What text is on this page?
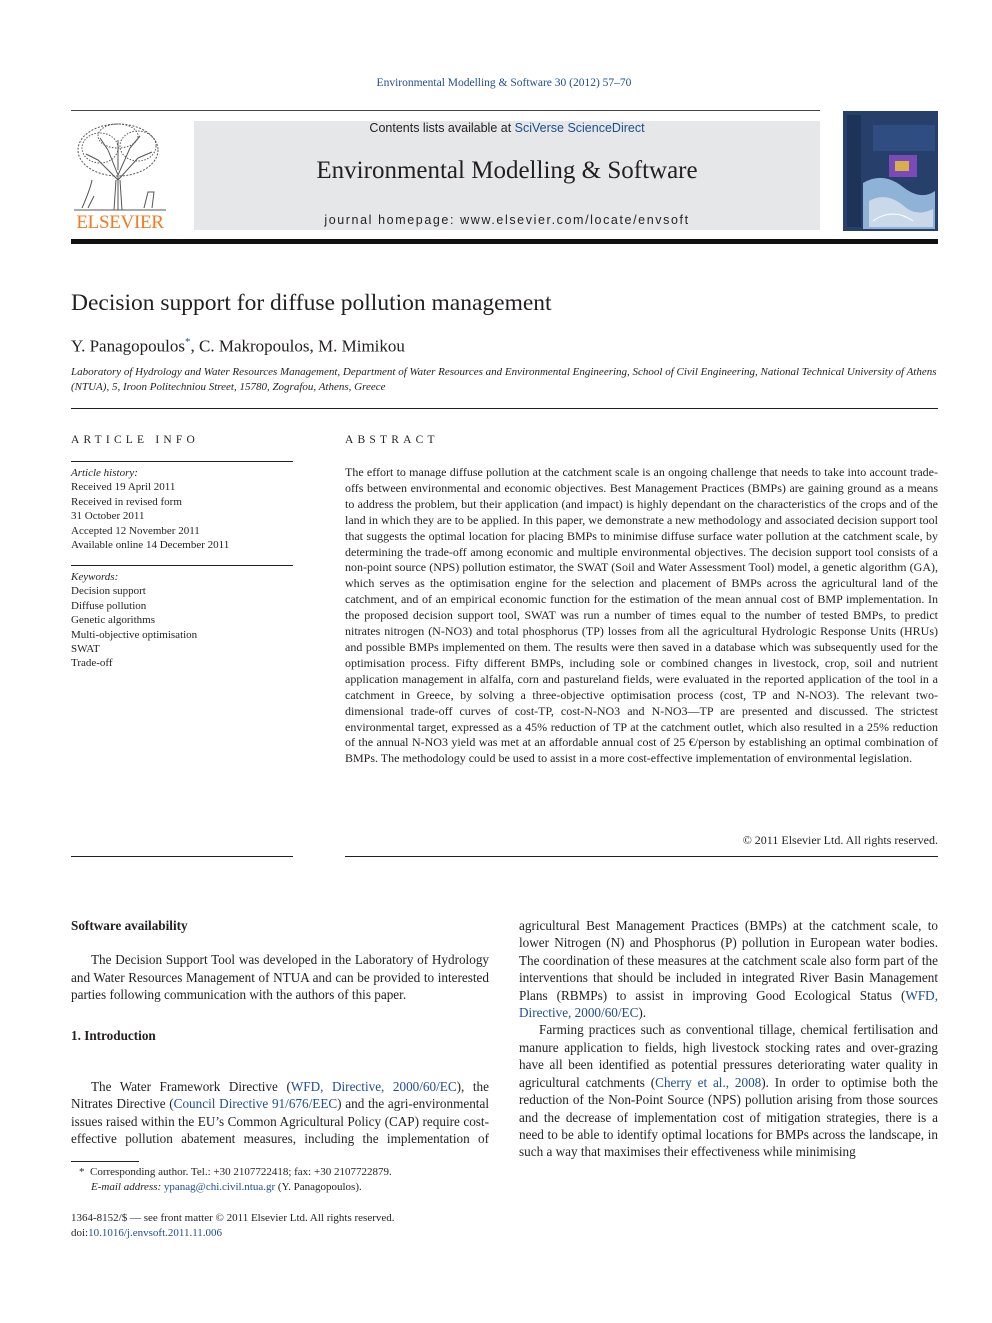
Environmental Modelling & Software 30 (2012) 57–70
ELSEVIER
Contents lists available at SciVerse ScienceDirect
Environmental Modelling & Software
journal homepage: www.elsevier.com/locate/envsoft
Decision support for diffuse pollution management
Y. Panagopoulos*, C. Makropoulos, M. Mimikou
Laboratory of Hydrology and Water Resources Management, Department of Water Resources and Environmental Engineering, School of Civil Engineering, National Technical University of Athens (NTUA), 5, Iroon Politechniou Street, 15780, Zografou, Athens, Greece
ARTICLE INFO
Article history:
Received 19 April 2011
Received in revised form
31 October 2011
Accepted 12 November 2011
Available online 14 December 2011
Keywords:
Decision support
Diffuse pollution
Genetic algorithms
Multi-objective optimisation
SWAT
Trade-off
ABSTRACT
The effort to manage diffuse pollution at the catchment scale is an ongoing challenge that needs to take into account trade-offs between environmental and economic objectives. Best Management Practices (BMPs) are gaining ground as a means to address the problem, but their application (and impact) is highly dependant on the characteristics of the crops and of the land in which they are to be applied. In this paper, we demonstrate a new methodology and associated decision support tool that suggests the optimal location for placing BMPs to minimise diffuse surface water pollution at the catchment scale, by determining the trade-off among economic and multiple environmental objectives. The decision support tool consists of a non-point source (NPS) pollution estimator, the SWAT (Soil and Water Assessment Tool) model, a genetic algorithm (GA), which serves as the optimisation engine for the selection and placement of BMPs across the agricultural land of the catchment, and of an empirical economic function for the estimation of the mean annual cost of BMP implementation. In the proposed decision support tool, SWAT was run a number of times equal to the number of tested BMPs, to predict nitrates nitrogen (N-NO3) and total phosphorus (TP) losses from all the agricultural Hydrologic Response Units (HRUs) and possible BMPs implemented on them. The results were then saved in a database which was subsequently used for the optimisation process. Fifty different BMPs, including sole or combined changes in livestock, crop, soil and nutrient application management in alfalfa, corn and pastureland fields, were evaluated in the reported application of the tool in a catchment in Greece, by solving a three-objective optimisation process (cost, TP and N-NO3). The relevant two-dimensional trade-off curves of cost-TP, cost-N-NO3 and N-NO3—TP are presented and discussed. The strictest environmental target, expressed as a 45% reduction of TP at the catchment outlet, which also resulted in a 25% reduction of the annual N-NO3 yield was met at an affordable annual cost of 25 €/person by establishing an optimal combination of BMPs. The methodology could be used to assist in a more cost-effective implementation of environmental legislation.
© 2011 Elsevier Ltd. All rights reserved.
Software availability

The Decision Support Tool was developed in the Laboratory of Hydrology and Water Resources Management of NTUA and can be provided to interested parties following communication with the authors of this paper.

1. Introduction

The Water Framework Directive (WFD, Directive, 2000/60/EC), the Nitrates Directive (Council Directive 91/676/EEC) and the agri-environmental issues raised within the EU’s Common Agricultural Policy (CAP) require cost-effective pollution abatement measures, including the implementation of

agricultural Best Management Practices (BMPs) at the catchment scale, to lower Nitrogen (N) and Phosphorus (P) pollution in European water bodies. The coordination of these measures at the catchment scale also form part of the interventions that should be included in integrated River Basin Management Plans (RBMPs) to assist in improving Good Ecological Status (WFD, Directive, 2000/60/EC).

Farming practices such as conventional tillage, chemical fertilisation and manure application to fields, high livestock stocking rates and over-grazing have all been identified as potential pressures deteriorating water quality in agricultural catchments (Cherry et al., 2008). In order to optimise both the reduction of the Non-Point Source (NPS) pollution arising from those sources and the decrease of implementation cost of mitigation strategies, there is a need to be able to identify optimal locations for BMPs across the landscape, in such a way that maximises their effectiveness while minimising

* Corresponding author. Tel.: +30 2107722418; fax: +30 2107722879.
E-mail address: ypanag@chi.civil.ntua.gr (Y. Panagopoulos).
1364-8152/$ — see front matter © 2011 Elsevier Ltd. All rights reserved.
doi:10.1016/j.envsoft.2011.11.006
